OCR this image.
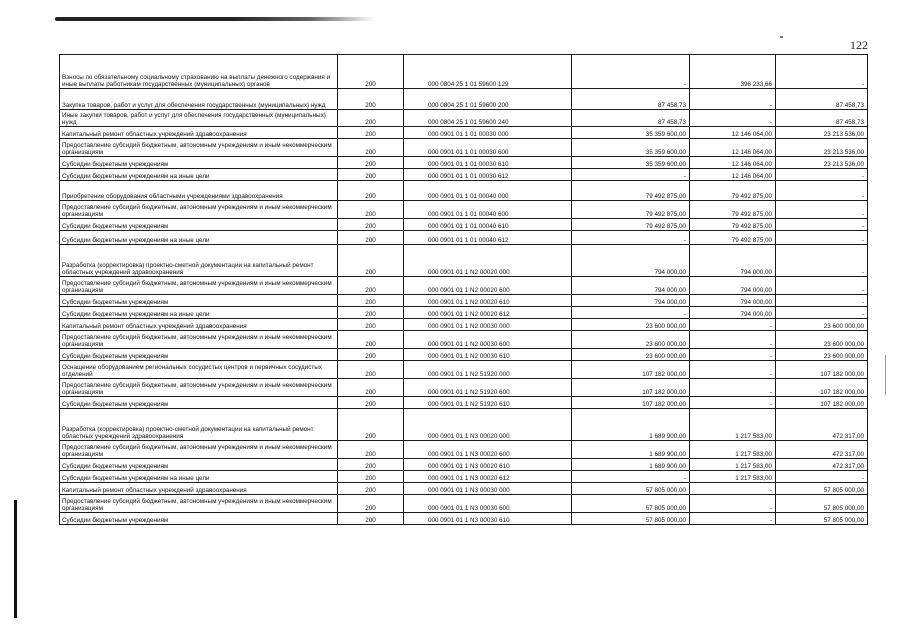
122
Взносы по обязательному социальному страхованию на выплаты денежного содержания и иные выплаты работникам государственных (муниципальных) органов	200	000 0804 25 1 01 59600 129	-	396 233,66	-
Закупка товаров, работ и услуг для обеспечения государственных (муниципальных) нужд	200	000 0804 25 1 01 59600 200	87 458,73	-	87 458,73
Иные закупки товаров, работ и услуг для обеспечения государственных (муниципальных) нужд	200	000 0804 25 1 01 59600 240	87 458,73	-	87 458,73
Капитальный ремонт областных учреждений здравоохранения	200	000 0901 01 1 01 00030 000	35 359 600,00	12 146 064,00	23 213 536,00
Предоставление субсидий бюджетным, автономным учреждениям и иным некоммерческим организациям	200	000 0901 01 1 01 00030 600	35 359 600,00	12 146 064,00	23 213 536,00
Субсидии бюджетным учреждениям	200	000 0901 01 1 01 00030 610	35 359 600,00	12 146 064,00	23 213 536,00
Субсидии бюджетным учреждениям на иные цели	200	000 0901 01 1 01 00030 612	-	12 146 064,00	-
Приобретение оборудования областными учреждениями здравоохранения	200	000 0901 01 1 01 00040 000	79 492 875,00	79 492 875,00	-
Предоставление субсидий бюджетным, автономным учреждениям и иным некоммерческим организациям	200	000 0901 01 1 01 00040 600	79 492 875,00	79 492 875,00	-
Субсидии бюджетным учреждениям	200	000 0901 01 1 01 00040 610	79 492 875,00	79 492 875,00	-
Субсидии бюджетным учреждениям на иные цели	200	000 0901 01 1 01 00040 612	-	79 492 875,00	-
Разработка (корректировка) проектно-сметной документации на капитальный ремонт областных учреждений здравоохранения	200	000 0901 01 1 N2 00020 000	794 000,00	794 000,00	-
Предоставление субсидий бюджетным, автономным учреждениям и иным некоммерческим организациям	200	000 0901 01 1 N2 00020 600	794 000,00	794 000,00	-
Субсидии бюджетным учреждениям	200	000 0901 01 1 N2 00020 610	794 000,00	794 000,00	-
Субсидии бюджетным учреждениям на иные цели	200	000 0901 01 1 N2 00020 612	-	794 000,00	-
Капитальный ремонт областных учреждений здравоохранения	200	000 0901 01 1 N2 00030 000	23 600 000,00	-	23 600 000,00
Предоставление субсидий бюджетным, автономным учреждениям и иным некоммерческим организациям	200	000 0901 01 1 N2 00030 600	23 600 000,00	-	23 600 000,00
Субсидии бюджетным учреждениям	200	000 0901 01 1 N2 00030 610	23 600 000,00	-	23 600 000,00
Оснащение оборудованием региональных сосудистых центров и первичных сосудистых отделений	200	000 0901 01 1 N2 51920 000	107 182 000,00	-	107 182 000,00
Предоставление субсидий бюджетным, автономным учреждениям и иным некоммерческим организациям	200	000 0901 01 1 N2 51920 600	107 182 000,00	-	107 182 000,00
Субсидии бюджетным учреждениям	200	000 0901 01 1 N2 51920 610	107 182 000,00	-	107 182 000,00
Разработка (корректировка) проектно-сметной документации на капитальный ремонт областных учреждений здравоохранения	200	000 0901 01 1 N3 00020 000	1 689 900,00	1 217 583,00	472 317,00
Предоставление субсидий бюджетным, автономным учреждениям и иным некоммерческим организациям	200	000 0901 01 1 N3 00020 600	1 689 900,00	1 217 583,00	472 317,00
Субсидии бюджетным учреждениям	200	000 0901 01 1 N3 00020 610	1 689 900,00	1 217 583,00	472 317,00
Субсидии бюджетным учреждениям на иные цели	200	000 0901 01 1 N3 00020 612	-	1 217 583,00	-
Капитальный ремонт областных учреждений здравоохранения	200	000 0901 01 1 N3 00030 000	57 805 000,00	-	57 805 000,00
Предоставление субсидий бюджетным, автономным учреждениям и иным некоммерческим организациям	200	000 0901 01 1 N3 00030 600	57 805 000,00	-	57 805 000,00
Субсидии бюджетным учреждениям	200	000 0901 01 1 N3 00030 610	57 805 000,00	-	57 805 000,00
